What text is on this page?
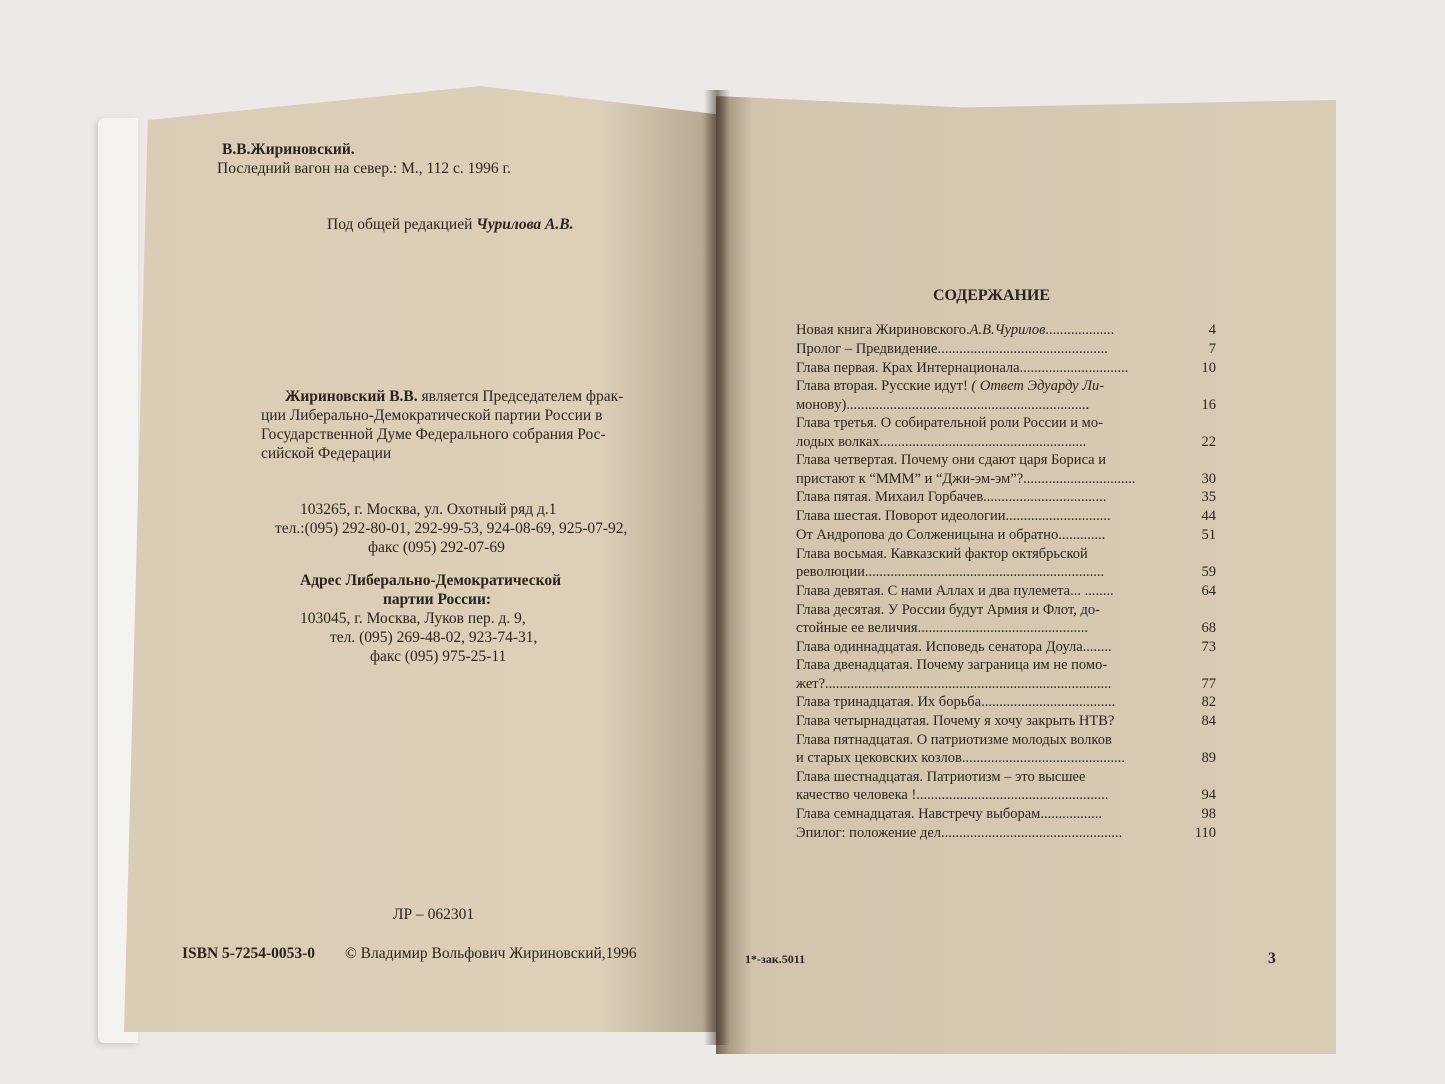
В.В.Жириновский.
Последний вагон на север.: М., 112 с. 1996 г.
Под общей редакцией Чурилова А.В.
Жириновский В.В. является Председателем фрак-
ции Либерально-Демократической партии России в
Государственной Думе Федерального собрания Рос-
сийской Федерации
103265, г. Москва, ул. Охотный ряд д.1
тел.:(095) 292-80-01, 292-99-53, 924-08-69, 925-07-92,
факс (095) 292-07-69
Адрес Либерально-Демократической
партии России:
103045, г. Москва, Луков пер. д. 9,
тел. (095) 269-48-02, 923-74-31,
факс (095) 975-25-11
ЛР – 062301
ISBN 5-7254-0053-0 © Владимир Вольфович Жириновский,1996
СОДЕРЖАНИЕ
Новая книга Жириновского.А.В.Чурилов...................	4
Пролог – Предвидение...............................................	7
Глава первая. Крах Интернационала..............................	10
Глава вторая. Русские идут! ( Ответ Эдуарду Ли-
моновy)...................................................................	16
Глава третья. О собирательной роли России и мо-
лодых волках.........................................................	22
Глава четвертая. Почему они сдают царя Бориса и
пристают к “МММ” и “Джи-эм-эм”?...............................	30
Глава пятая. Михаил Горбачев..................................	35
Глава шестая. Поворот идеологии.............................	44
От Андропова до Солженицына и обратно.............	51
Глава восьмая. Кавказский фактор октябрьской
революции..................................................................	59
Глава девятая. С нами Аллах и два пулемета... ........	64
Глава десятая. У России будут Армия и Флот, до-
стойные ее величия...............................................	68
Глава одиннадцатая. Исповедь сенатора Доула........	73
Глава двенадцатая. Почему заграница им не помо-
жет?...............................................................................	77
Глава тринадцатая. Их борьба.....................................	82
Глава четырнадцатая. Почему я хочу закрыть НТВ?	84
Глава пятнадцатая. О патриотизме молодых волков
и старых цековских козлов.............................................	89
Глава шестнадцатая. Патриотизм – это высшее
качество человека !.....................................................	94
Глава семнадцатая. Навстречу выборам.................	98
Эпилог: положение дел..................................................	110
1*-зак.5011	3
